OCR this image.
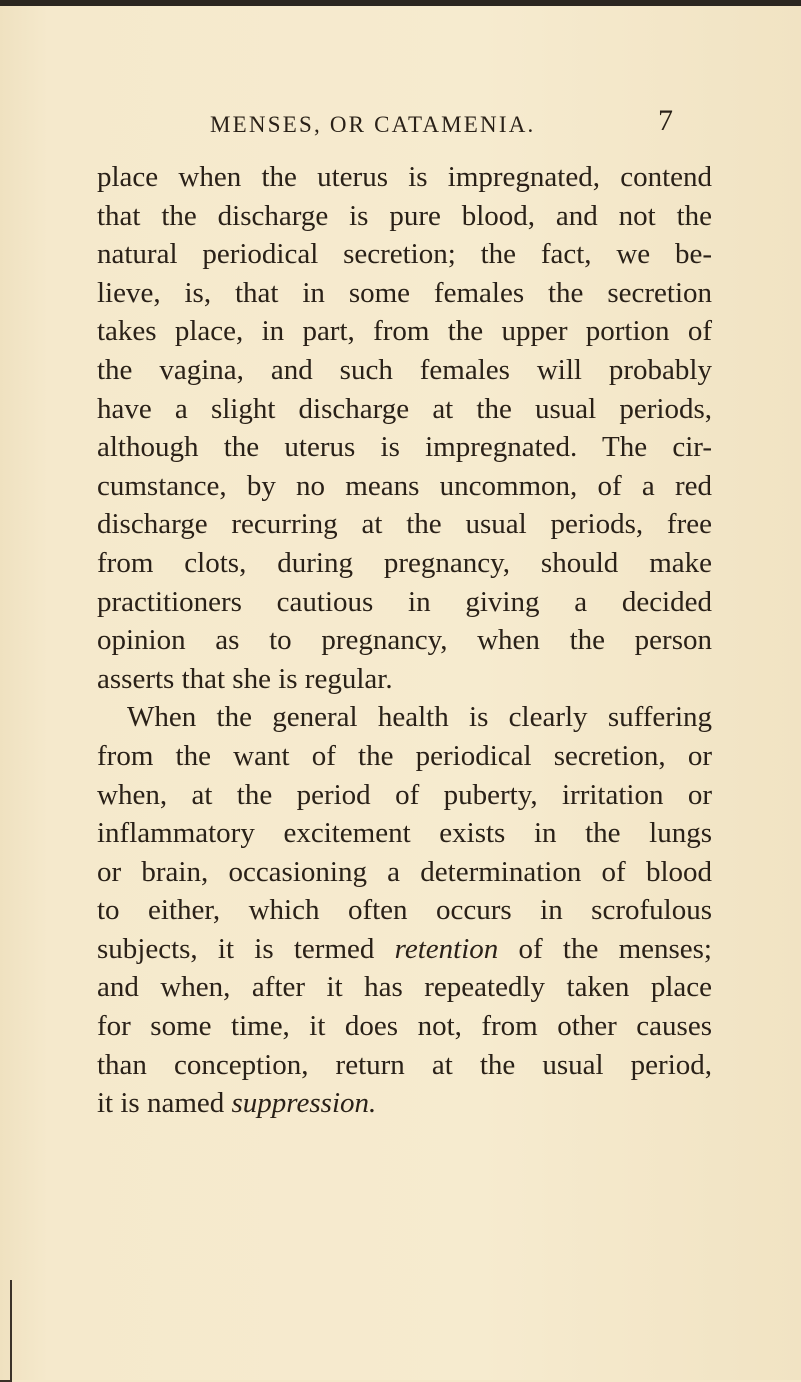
MENSES, OR CATAMENIA.	7
place when the uterus is impregnated, contend
that the discharge is pure blood, and not the
natural periodical secretion; the fact, we be-
lieve, is, that in some females the secretion
takes place, in part, from the upper portion of
the vagina, and such females will probably
have a slight discharge at the usual periods,
although the uterus is impregnated. The cir-
cumstance, by no means uncommon, of a red
discharge recurring at the usual periods, free
from clots, during pregnancy, should make
practitioners cautious in giving a decided
opinion as to pregnancy, when the person
asserts that she is regular.
When the general health is clearly suffering
from the want of the periodical secretion, or
when, at the period of puberty, irritation or
inflammatory excitement exists in the lungs
or brain, occasioning a determination of blood
to either, which often occurs in scrofulous
subjects, it is termed retention of the menses;
and when, after it has repeatedly taken place
for some time, it does not, from other causes
than conception, return at the usual period,
it is named suppression.
